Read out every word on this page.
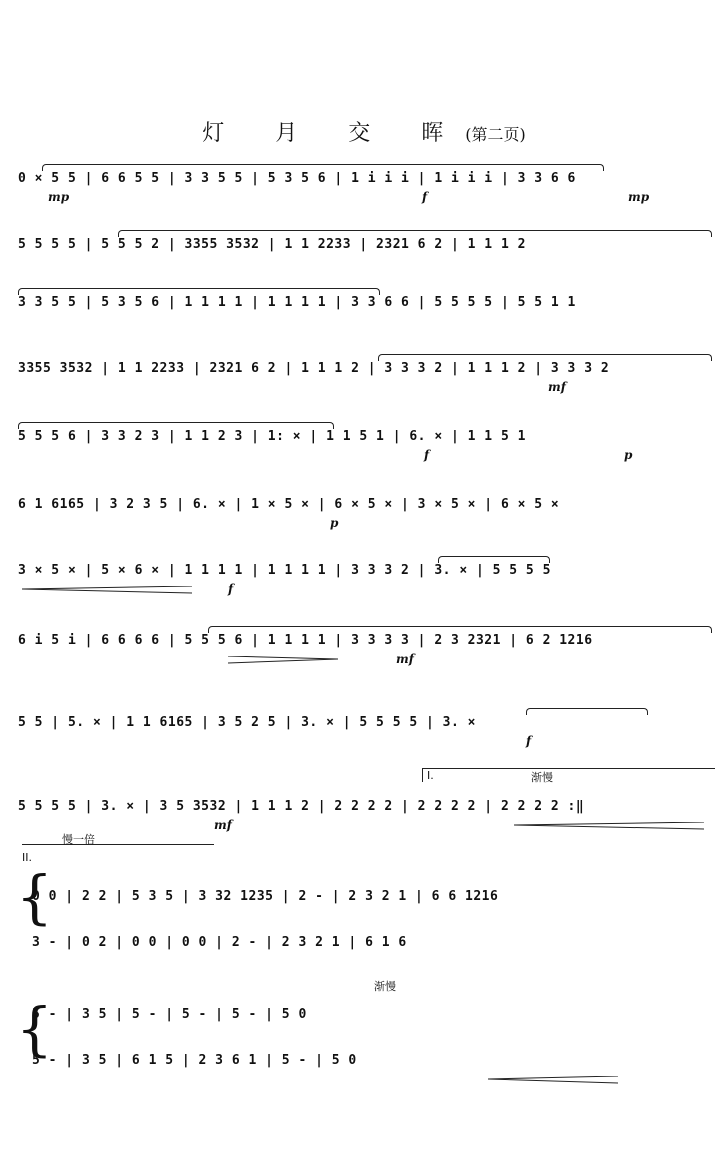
灯 月 交 晖(第二页)
0 × 5 5 | 6 6 5 5 | 3 3 5 5 | 5 3 5 6 | 1 i i i | 1 i i i | 3 3 6 6
mp	f	mp
5 5 5 5 | 5 5 5 2 | 3355 3532 | 1 1 2233 | 2321 6 2 | 1 1 1 2
3 3 5 5 | 5 3 5 6 | 1 1 1 1 | 1 1 1 1 | 3 3 6 6 | 5 5 5 5 | 5 5 1 1
3355 3532 | 1 1 2233 | 2321 6 2 | 1 1 1 2 | 3 3 3 2 | 1 1 1 2 | 3 3 3 2
mf
5 5 5 6 | 3 3 2 3 | 1 1 2 3 | 1: × | 1 1 5 1 | 6. × | 1 1 5 1
f	p
6 1 6165 | 3 2 3 5 | 6. × | 1 × 5 × | 6 × 5 × | 3 × 5 × | 6 × 5 ×
p
3 × 5 × | 5 × 6 × | 1 1 1 1 | 1 1 1 1 | 3 3 3 2 | 3. × | 5 5 5 5
f
6 i 5 i | 6 6 6 6 | 5 5 5 6 | 1 1 1 1 | 3 3 3 3 | 2 3 2321 | 6 2 1216
mf
5 5 | 5. × | 1 1 6165 | 3 5 2 5 | 3. × | 5 5 5 5 | 3. ×
f
I.	渐慢
5 5 5 5 | 3. × | 3 5 3532 | 1 1 1 2 | 2 2 2 2 | 2 2 2 2 | 2 2 2 2 :‖
mf
{
II.
慢一倍
0 0 | 2 2 | 5 3 5 | 3 32 1235 | 2 - | 2 3 2 1 | 6 6 1216
3 - | 0 2 | 0 0 | 0 0 | 2 - | 2 3 2 1 | 6 1 6
{
渐慢
5 - | 3 5 | 5 - | 5 - | 5 - | 5 0
5 - | 3 5 | 6 1 5 | 2 3 6 1 | 5 - | 5 0
